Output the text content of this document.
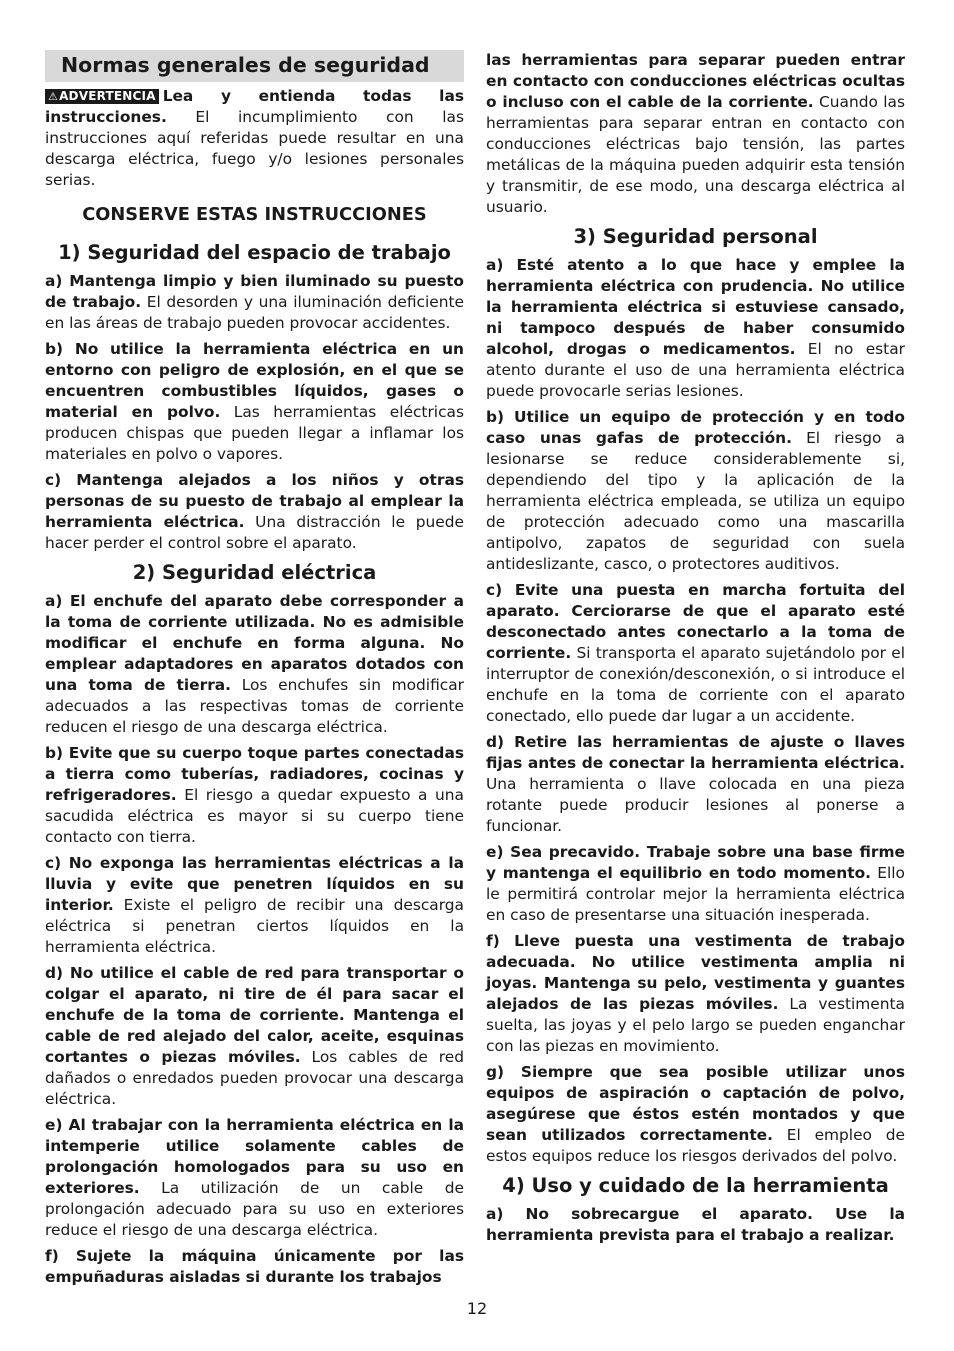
Normas generales de seguridad

⚠ADVERTENCIA Lea y entienda todas las instrucciones. El incumplimiento con las instrucciones aquí referidas puede resultar en una descarga eléctrica, fuego y/o lesiones personales serias.

CONSERVE ESTAS INSTRUCCIONES
1) Seguridad del espacio de trabajo

a) Mantenga limpio y bien iluminado su puesto de trabajo. El desorden y una iluminación deficiente en las áreas de trabajo pueden provocar accidentes.

b) No utilice la herramienta eléctrica en un entorno con peligro de explosión, en el que se encuentren combustibles líquidos, gases o material en polvo. Las herramientas eléctricas producen chispas que pueden llegar a inflamar los materiales en polvo o vapores.

c) Mantenga alejados a los niños y otras personas de su puesto de trabajo al emplear la herramienta eléctrica. Una distracción le puede hacer perder el control sobre el aparato.

2) Seguridad eléctrica

a) El enchufe del aparato debe corresponder a la toma de corriente utilizada. No es admisible modificar el enchufe en forma alguna. No emplear adaptadores en aparatos dotados con una toma de tierra. Los enchufes sin modificar adecuados a las respectivas tomas de corriente reducen el riesgo de una descarga eléctrica.

b) Evite que su cuerpo toque partes conectadas a tierra como tuberías, radiadores, cocinas y refrigeradores. El riesgo a quedar expuesto a una sacudida eléctrica es mayor si su cuerpo tiene contacto con tierra.

c) No exponga las herramientas eléctricas a la lluvia y evite que penetren líquidos en su interior. Existe el peligro de recibir una descarga eléctrica si penetran ciertos líquidos en la herramienta eléctrica.

d) No utilice el cable de red para transportar o colgar el aparato, ni tire de él para sacar el enchufe de la toma de corriente. Mantenga el cable de red alejado del calor, aceite, esquinas cortantes o piezas móviles. Los cables de red dañados o enredados pueden provocar una descarga eléctrica.

e) Al trabajar con la herramienta eléctrica en la intemperie utilice solamente cables de prolongación homologados para su uso en exteriores. La utilización de un cable de prolongación adecuado para su uso en exteriores reduce el riesgo de una descarga eléctrica.

f) Sujete la máquina únicamente por las empuñaduras aisladas si durante los trabajos

las herramientas para separar pueden entrar en contacto con conducciones eléctricas ocultas o incluso con el cable de la corriente. Cuando las herramientas para separar entran en contacto con conducciones eléctricas bajo tensión, las partes metálicas de la máquina pueden adquirir esta tensión y transmitir, de ese modo, una descarga eléctrica al usuario.

3) Seguridad personal

a) Esté atento a lo que hace y emplee la herramienta eléctrica con prudencia. No utilice la herramienta eléctrica si estuviese cansado, ni tampoco después de haber consumido alcohol, drogas o medicamentos. El no estar atento durante el uso de una herramienta eléctrica puede provocarle serias lesiones.

b) Utilice un equipo de protección y en todo caso unas gafas de protección. El riesgo a lesionarse se reduce considerablemente si, dependiendo del tipo y la aplicación de la herramienta eléctrica empleada, se utiliza un equipo de protección adecuado como una mascarilla antipolvo, zapatos de seguridad con suela antideslizante, casco, o protectores auditivos.

c) Evite una puesta en marcha fortuita del aparato. Cerciorarse de que el aparato esté desconectado antes conectarlo a la toma de corriente. Si transporta el aparato sujetándolo por el interruptor de conexión/desconexión, o si introduce el enchufe en la toma de corriente con el aparato conectado, ello puede dar lugar a un accidente.

d) Retire las herramientas de ajuste o llaves fijas antes de conectar la herramienta eléctrica. Una herramienta o llave colocada en una pieza rotante puede producir lesiones al ponerse a funcionar.

e) Sea precavido. Trabaje sobre una base firme y mantenga el equilibrio en todo momento. Ello le permitirá controlar mejor la herramienta eléctrica en caso de presentarse una situación inesperada.

f) Lleve puesta una vestimenta de trabajo adecuada. No utilice vestimenta amplia ni joyas. Mantenga su pelo, vestimenta y guantes alejados de las piezas móviles. La vestimenta suelta, las joyas y el pelo largo se pueden enganchar con las piezas en movimiento.

g) Siempre que sea posible utilizar unos equipos de aspiración o captación de polvo, asegúrese que éstos estén montados y que sean utilizados correctamente. El empleo de estos equipos reduce los riesgos derivados del polvo.

4) Uso y cuidado de la herramienta

a) No sobrecargue el aparato. Use la herramienta prevista para el trabajo a realizar.

12
